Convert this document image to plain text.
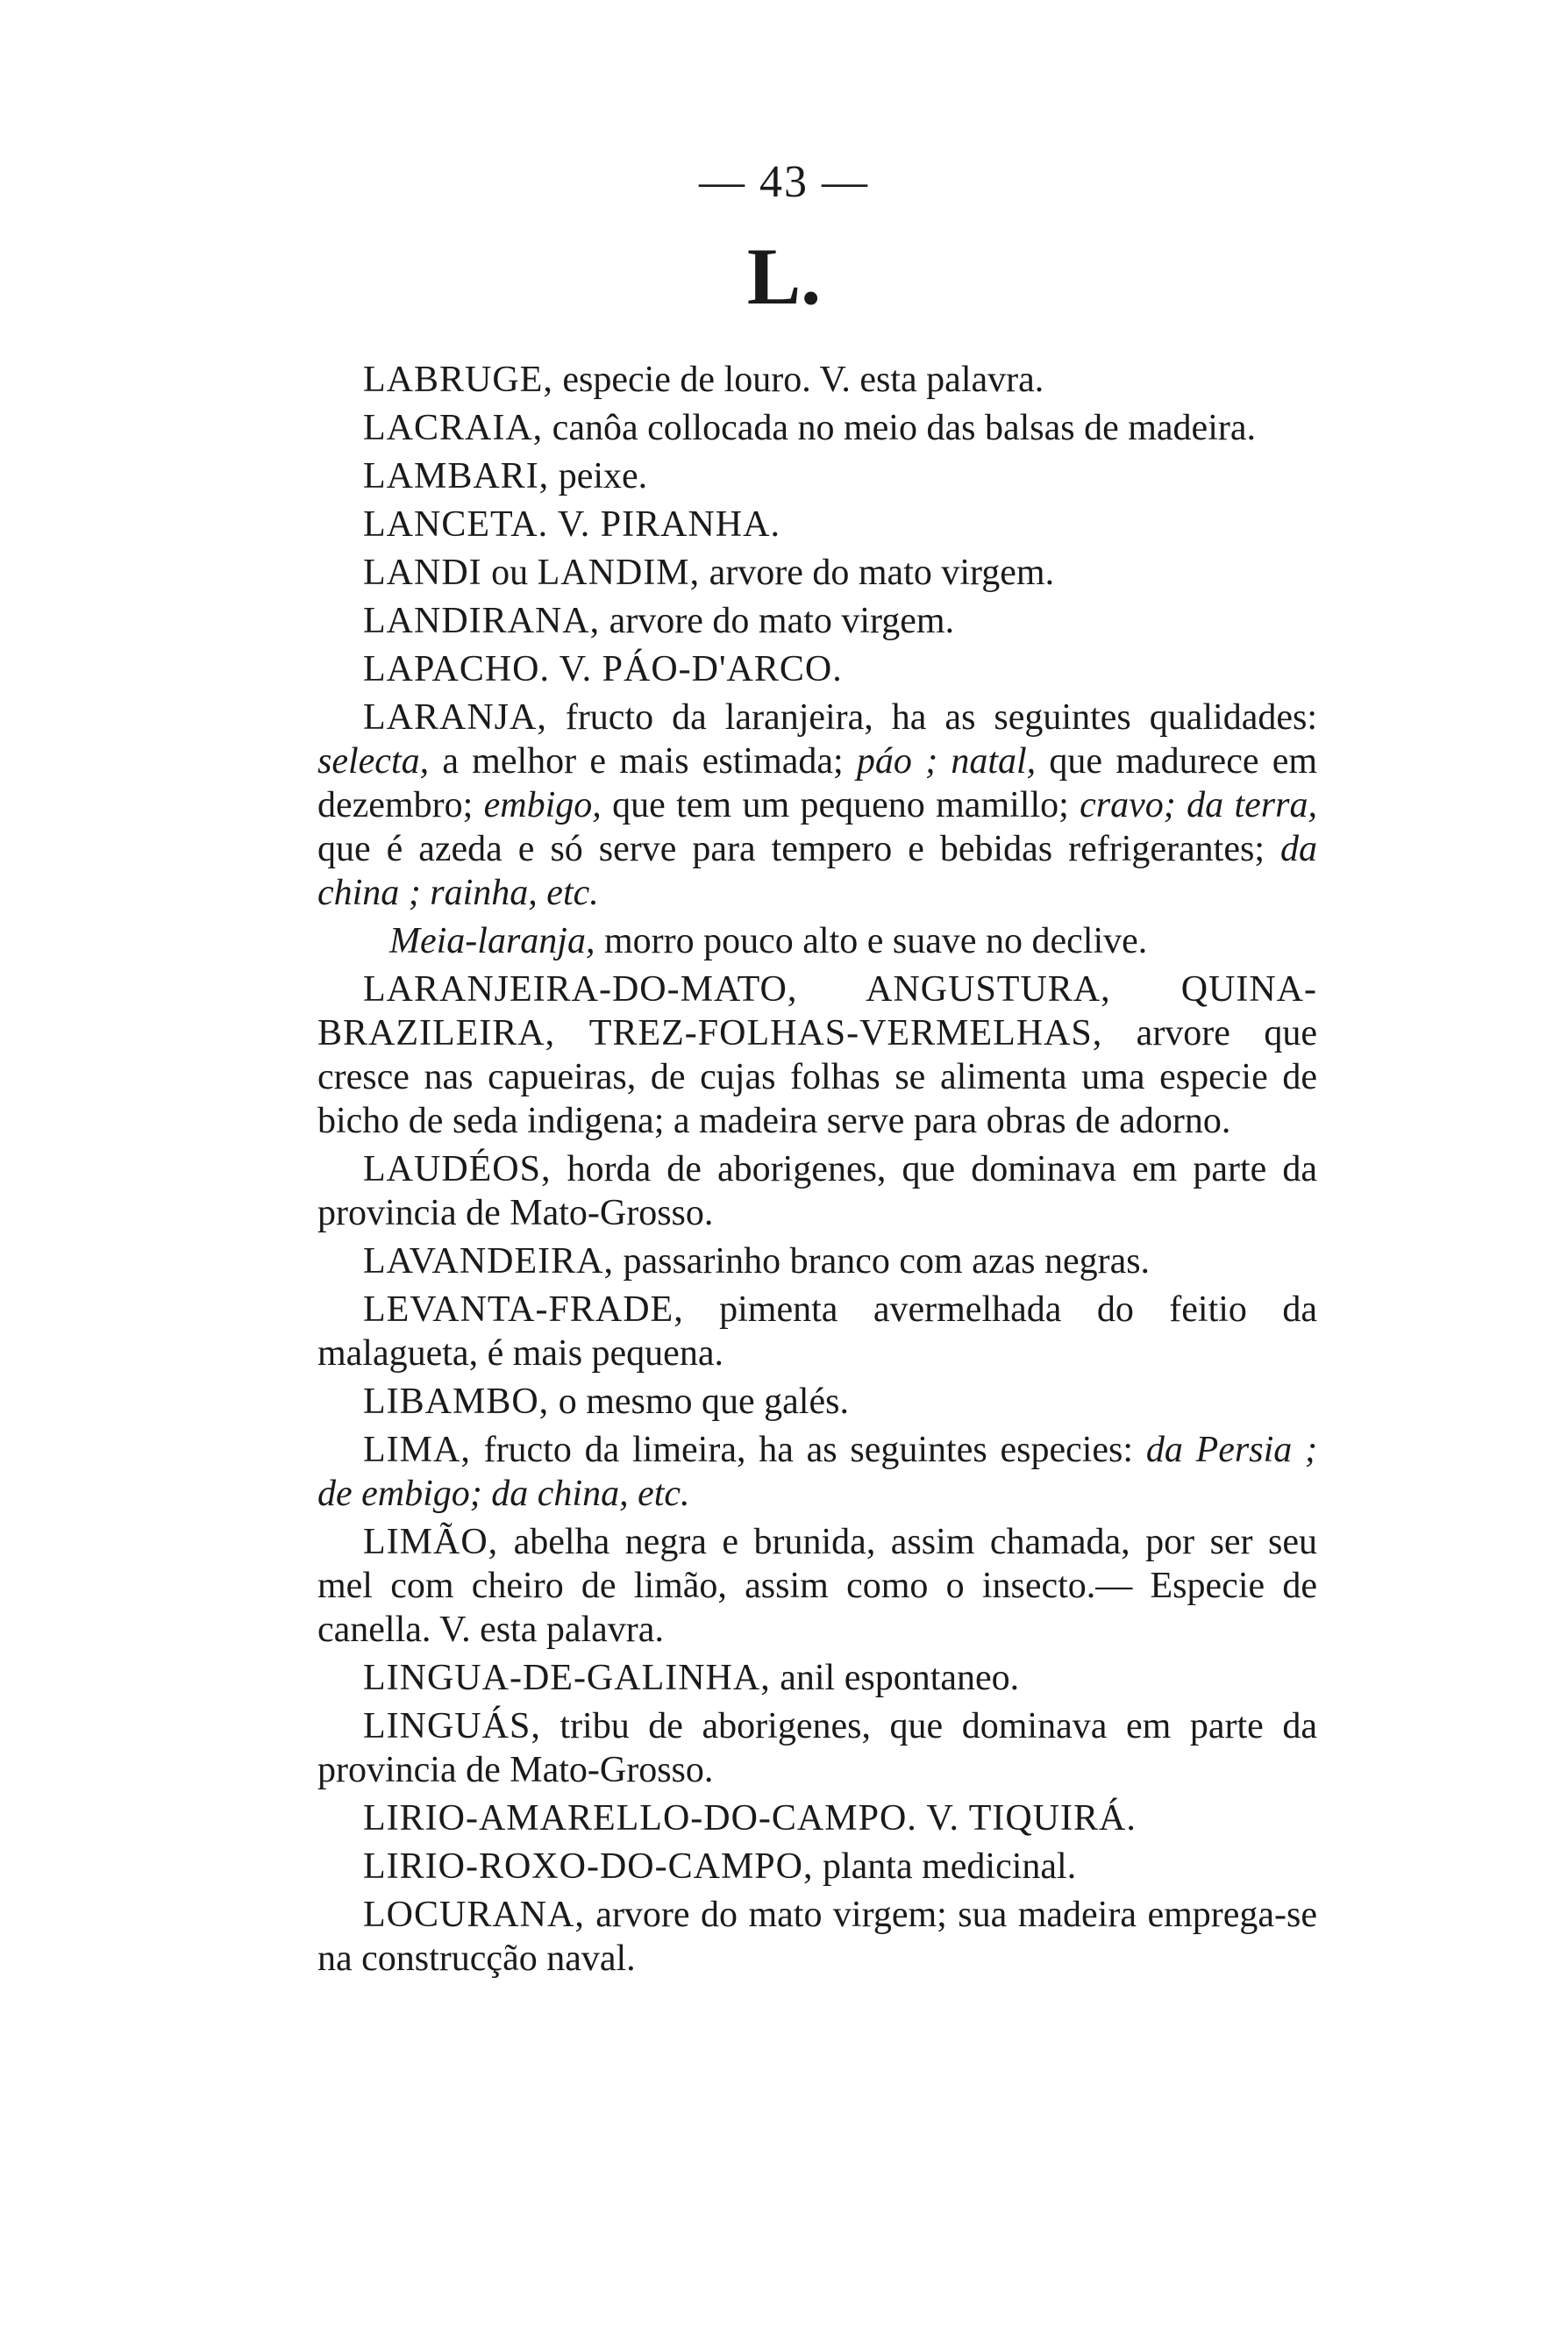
— 43 —
L.

LABRUGE, especie de louro. V. esta palavra.

LACRAIA, canôa collocada no meio das balsas de madeira.

LAMBARI, peixe.

LANCETA. V. PIRANHA.

LANDI ou LANDIM, arvore do mato virgem.

LANDIRANA, arvore do mato virgem.

LAPACHO. V. PÁO-D'ARCO.

LARANJA, fructo da laranjeira, ha as seguintes qualidades: selecta, a melhor e mais estimada; páo ; natal, que madurece em dezembro; embigo, que tem um pequeno mamillo; cravo; da terra, que é azeda e só serve para tempero e bebidas refrigerantes; da china ; rainha, etc.

Meia-laranja, morro pouco alto e suave no declive.

LARANJEIRA-DO-MATO, ANGUSTURA, QUINA-BRAZILEIRA, TREZ-FOLHAS-VERMELHAS, arvore que cresce nas capueiras, de cujas folhas se alimenta uma especie de bicho de seda indigena; a madeira serve para obras de adorno.

LAUDÉOS, horda de aborigenes, que dominava em parte da provincia de Mato-Grosso.

LAVANDEIRA, passarinho branco com azas negras.

LEVANTA-FRADE, pimenta avermelhada do feitio da malagueta, é mais pequena.

LIBAMBO, o mesmo que galés.

LIMA, fructo da limeira, ha as seguintes especies: da Persia ; de embigo; da china, etc.

LIMÃO, abelha negra e brunida, assim chamada, por ser seu mel com cheiro de limão, assim como o insecto.— Especie de canella. V. esta palavra.

LINGUA-DE-GALINHA, anil espontaneo.

LINGUÁS, tribu de aborigenes, que dominava em parte da provincia de Mato-Grosso.

LIRIO-AMARELLO-DO-CAMPO. V. TIQUIRÁ.

LIRIO-ROXO-DO-CAMPO, planta medicinal.

LOCURANA, arvore do mato virgem; sua madeira emprega-se na construcção naval.
